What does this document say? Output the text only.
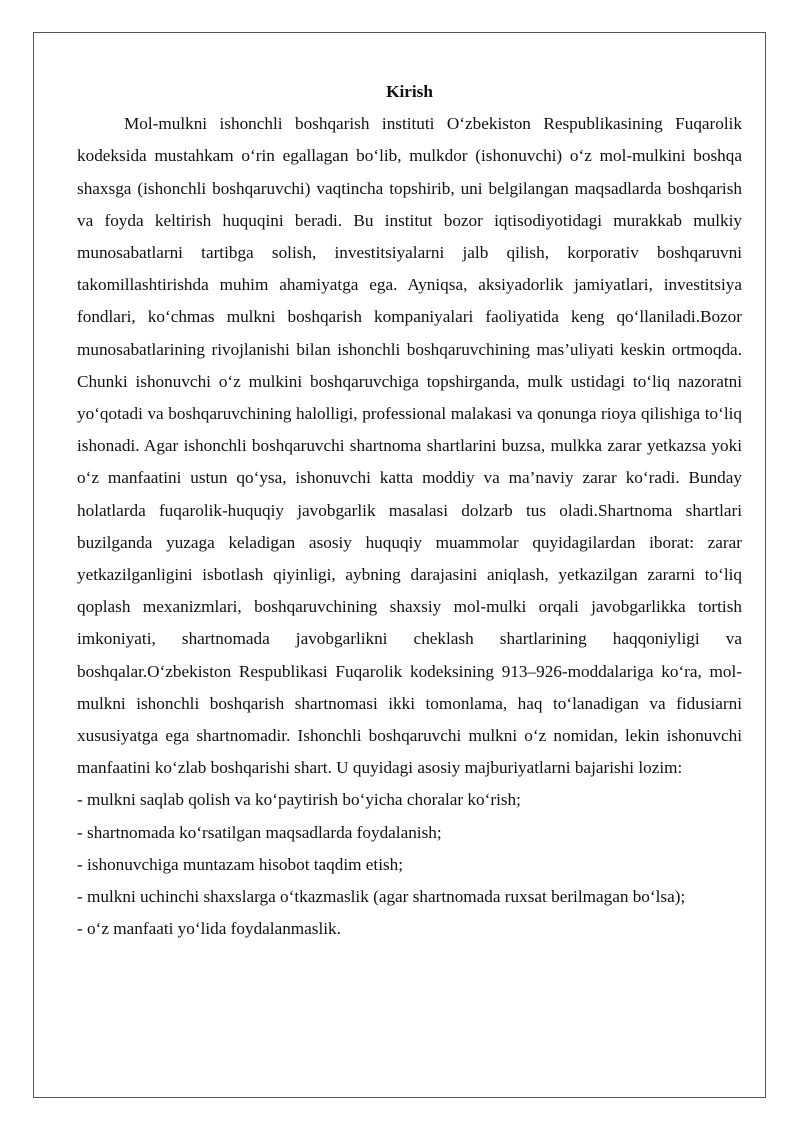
Kirish

Mol-mulkni ishonchli boshqarish instituti O‘zbekiston Respublikasining Fuqarolik kodeksida mustahkam o‘rin egallagan bo‘lib, mulkdor (ishonuvchi) o‘z mol-mulkini boshqa shaxsga (ishonchli boshqaruvchi) vaqtincha topshirib, uni belgilangan maqsadlarda boshqarish va foyda keltirish huquqini beradi. Bu institut bozor iqtisodiyotidagi murakkab mulkiy munosabatlarni tartibga solish, investitsiyalarni jalb qilish, korporativ boshqaruvni takomillashtirishda muhim ahamiyatga ega. Ayniqsa, aksiyadorlik jamiyatlari, investitsiya fondlari, ko‘chmas mulkni boshqarish kompaniyalari faoliyatida keng qo‘llaniladi.Bozor munosabatlarining rivojlanishi bilan ishonchli boshqaruvchining mas’uliyati keskin ortmoqda. Chunki ishonuvchi o‘z mulkini boshqaruvchiga topshirganda, mulk ustidagi to‘liq nazoratni yo‘qotadi va boshqaruvchining halolligi, professional malakasi va qonunga rioya qilishiga to‘liq ishonadi. Agar ishonchli boshqaruvchi shartnoma shartlarini buzsa, mulkka zarar yetkazsa yoki o‘z manfaatini ustun qo‘ysa, ishonuvchi katta moddiy va ma’naviy zarar ko‘radi. Bunday holatlarda fuqarolik-huquqiy javobgarlik masalasi dolzarb tus oladi.Shartnoma shartlari buzilganda yuzaga keladigan asosiy huquqiy muammolar quyidagilardan iborat: zarar yetkazilganligini isbotlash qiyinligi, aybning darajasini aniqlash, yetkazilgan zararni to‘liq qoplash mexanizmlari, boshqaruvchining shaxsiy mol-mulki orqali javobgarlikka tortish imkoniyati, shartnomada javobgarlikni cheklash shartlarining haqqoniyligi va boshqalar.O‘zbekiston Respublikasi Fuqarolik kodeksining 913–926-moddalariga ko‘ra, mol-mulkni ishonchli boshqarish shartnomasi ikki tomonlama, haq to‘lanadigan va fidusiarni xususiyatga ega shartnomadir. Ishonchli boshqaruvchi mulkni o‘z nomidan, lekin ishonuvchi manfaatini ko‘zlab boshqarishi shart. U quyidagi asosiy majburiyatlarni bajarishi lozim:

- mulkni saqlab qolish va ko‘paytirish bo‘yicha choralar ko‘rish;
- shartnomada ko‘rsatilgan maqsadlarda foydalanish;
- ishonuvchiga muntazam hisobot taqdim etish;
- mulkni uchinchi shaxslarga o‘tkazmaslik (agar shartnomada ruxsat berilmagan bo‘lsa);
- o‘z manfaati yo‘lida foydalanmaslik.
